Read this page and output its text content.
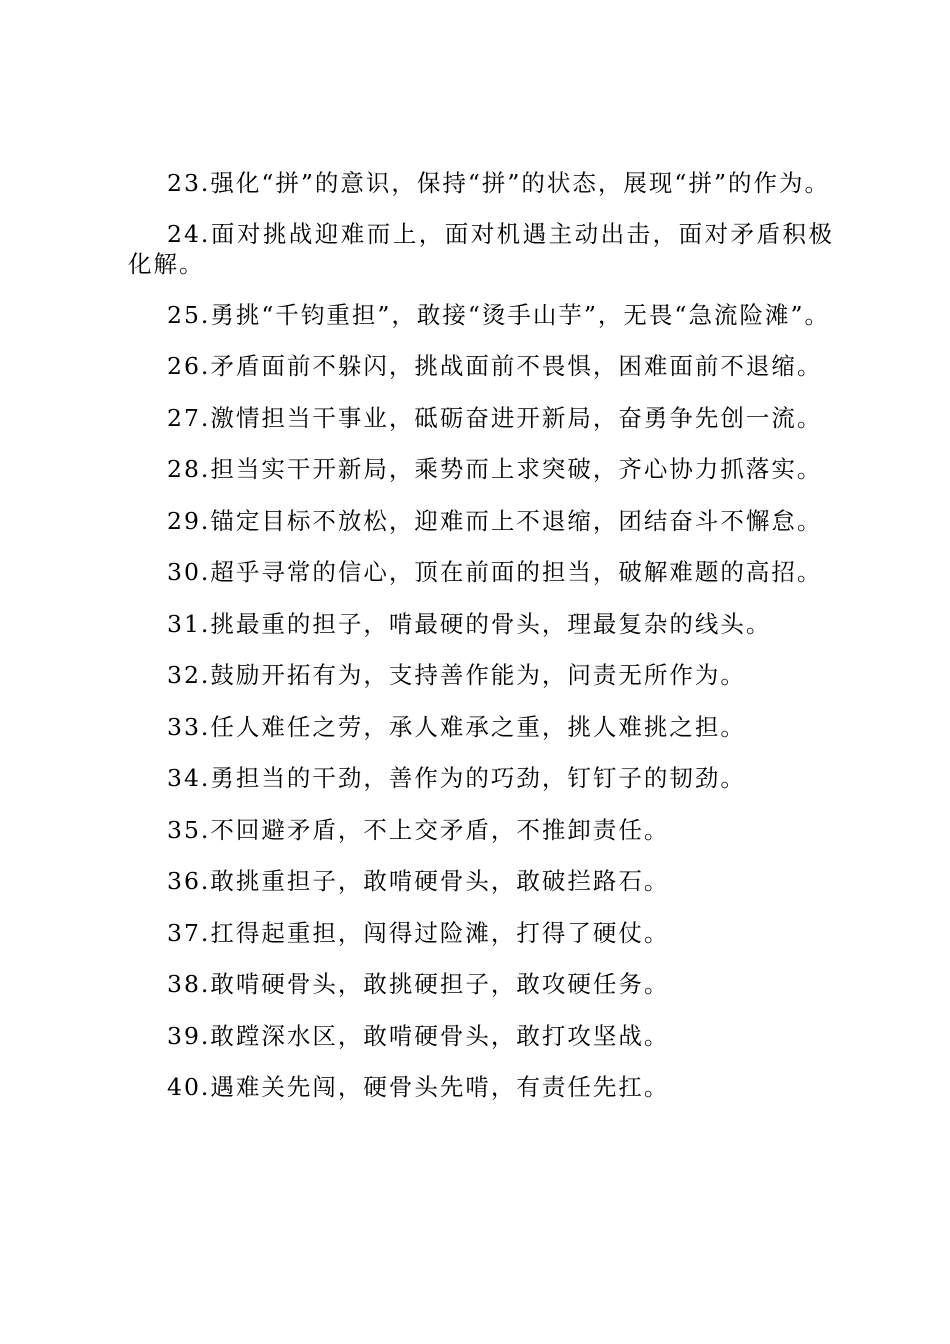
23.强化“拼”的意识，保持“拼”的状态，展现“拼”的作为。

24.面对挑战迎难而上，面对机遇主动出击，面对矛盾积极化解。

25.勇挑“千钧重担”，敢接“烫手山芋”，无畏“急流险滩”。

26.矛盾面前不躲闪，挑战面前不畏惧，困难面前不退缩。

27.激情担当干事业，砥砺奋进开新局，奋勇争先创一流。

28.担当实干开新局，乘势而上求突破，齐心协力抓落实。

29.锚定目标不放松，迎难而上不退缩，团结奋斗不懈怠。

30.超乎寻常的信心，顶在前面的担当，破解难题的高招。

31.挑最重的担子，啃最硬的骨头，理最复杂的线头。

32.鼓励开拓有为，支持善作能为，问责无所作为。

33.任人难任之劳，承人难承之重，挑人难挑之担。

34.勇担当的干劲，善作为的巧劲，钉钉子的韧劲。

35.不回避矛盾，不上交矛盾，不推卸责任。

36.敢挑重担子，敢啃硬骨头，敢破拦路石。

37.扛得起重担，闯得过险滩，打得了硬仗。

38.敢啃硬骨头，敢挑硬担子，敢攻硬任务。

39.敢蹚深水区，敢啃硬骨头，敢打攻坚战。

40.遇难关先闯，硬骨头先啃，有责任先扛。
